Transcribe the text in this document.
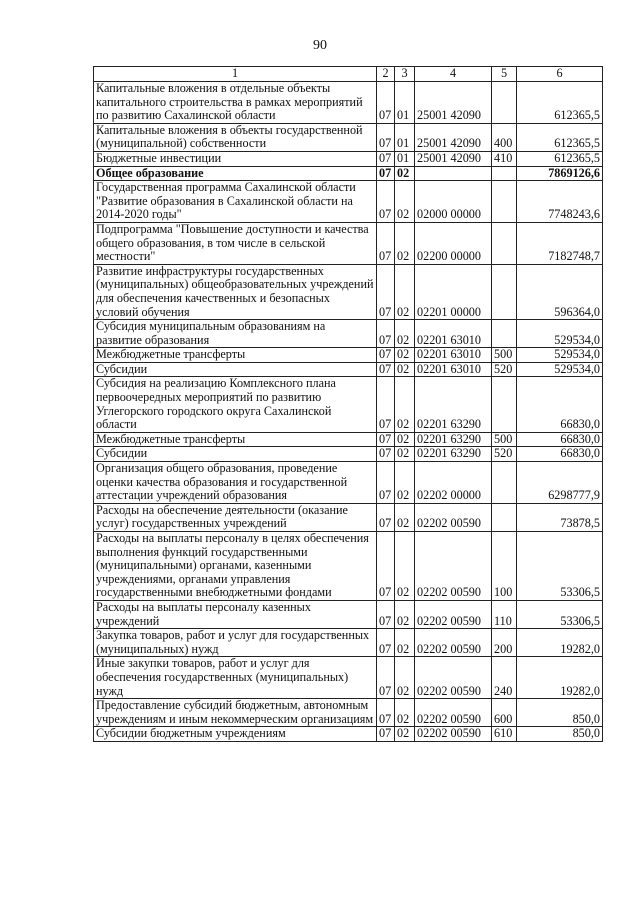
90
1	2	3	4	5	6
Капитальные вложения в отдельные объекты капитального строительства в рамках мероприятий по развитию Сахалинской области	07	01	25001 42090		612365,5
Капитальные вложения в объекты государственной (муниципальной) собственности	07	01	25001 42090	400	612365,5
Бюджетные инвестиции	07	01	25001 42090	410	612365,5
Общее образование	07	02			7869126,6
Государственная программа Сахалинской области "Развитие образования в Сахалинской области на 2014-2020 годы"	07	02	02000 00000		7748243,6
Подпрограмма "Повышение доступности и качества общего образования, в том числе в сельской местности"	07	02	02200 00000		7182748,7
Развитие инфраструктуры государственных (муниципальных) общеобразовательных учреждений для обеспечения качественных и безопасных условий обучения	07	02	02201 00000		596364,0
Субсидия муниципальным образованиям на развитие образования	07	02	02201 63010		529534,0
Межбюджетные трансферты	07	02	02201 63010	500	529534,0
Субсидии	07	02	02201 63010	520	529534,0
Субсидия на реализацию Комплексного плана первоочередных мероприятий по развитию Углегорского городского округа Сахалинской области	07	02	02201 63290		66830,0
Межбюджетные трансферты	07	02	02201 63290	500	66830,0
Субсидии	07	02	02201 63290	520	66830,0
Организация общего образования, проведение оценки качества образования и государственной аттестации учреждений образования	07	02	02202 00000		6298777,9
Расходы на обеспечение деятельности (оказание услуг) государственных учреждений	07	02	02202 00590		73878,5
Расходы на выплаты персоналу в целях обеспечения выполнения функций государственными (муниципальными) органами, казенными учреждениями, органами управления государственными внебюджетными фондами	07	02	02202 00590	100	53306,5
Расходы на выплаты персоналу казенных учреждений	07	02	02202 00590	110	53306,5
Закупка товаров, работ и услуг для государственных (муниципальных) нужд	07	02	02202 00590	200	19282,0
Иные закупки товаров, работ и услуг для обеспечения государственных (муниципальных) нужд	07	02	02202 00590	240	19282,0
Предоставление субсидий бюджетным, автономным учреждениям и иным некоммерческим организациям	07	02	02202 00590	600	850,0
Субсидии бюджетным учреждениям	07	02	02202 00590	610	850,0
